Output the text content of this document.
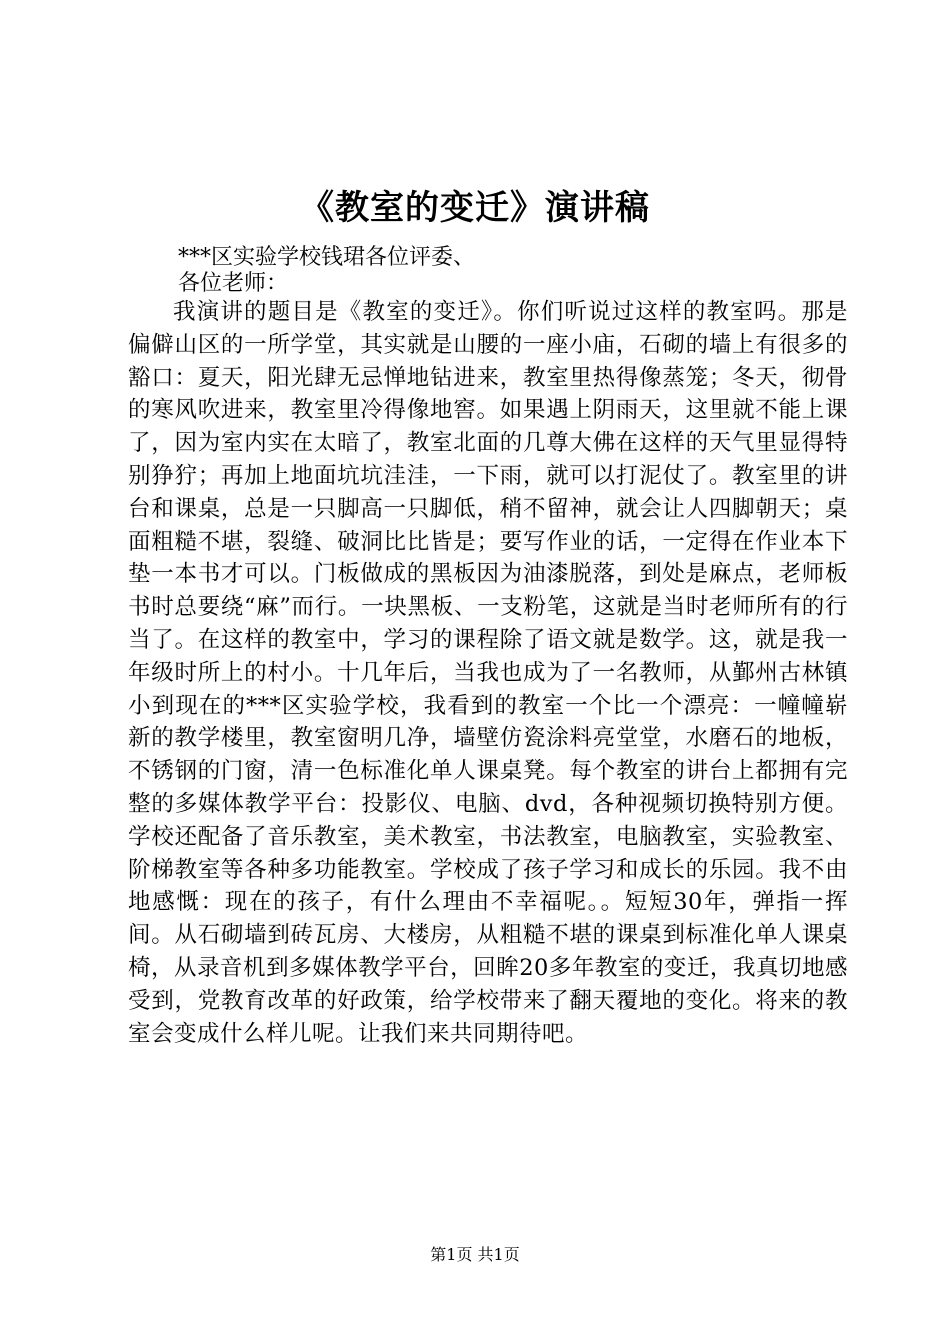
《教室的变迁》演讲稿
***区实验学校钱珺各位评委、
各位老师：

我演讲的题目是《教室的变迁》。你们听说过这样的教室吗。那是偏僻山区的一所学堂，其实就是山腰的一座小庙，石砌的墙上有很多的豁口：夏天，阳光肆无忌惮地钻进来，教室里热得像蒸笼；冬天，彻骨的寒风吹进来，教室里冷得像地窖。如果遇上阴雨天，这里就不能上课了，因为室内实在太暗了，教室北面的几尊大佛在这样的天气里显得特别狰狞；再加上地面坑坑洼洼，一下雨，就可以打泥仗了。教室里的讲台和课桌，总是一只脚高一只脚低，稍不留神，就会让人四脚朝天；桌面粗糙不堪，裂缝、破洞比比皆是；要写作业的话，一定得在作业本下垫一本书才可以。门板做成的黑板因为油漆脱落，到处是麻点，老师板书时总要绕“麻”而行。一块黑板、一支粉笔，这就是当时老师所有的行当了。在这样的教室中，学习的课程除了语文就是数学。这，就是我一年级时所上的村小。十几年后，当我也成为了一名教师，从鄞州古林镇小到现在的***区实验学校，我看到的教室一个比一个漂亮：一幢幢崭新的教学楼里，教室窗明几净，墙壁仿瓷涂料亮堂堂，水磨石的地板，不锈钢的门窗，清一色标准化单人课桌凳。每个教室的讲台上都拥有完整的多媒体教学平台：投影仪、电脑、dvd，各种视频切换特别方便。学校还配备了音乐教室，美术教室，书法教室，电脑教室，实验教室、阶梯教室等各种多功能教室。学校成了孩子学习和成长的乐园。我不由地感慨：现在的孩子，有什么理由不幸福呢。。短短30年，弹指一挥间。从石砌墙到砖瓦房、大楼房，从粗糙不堪的课桌到标准化单人课桌椅，从录音机到多媒体教学平台，回眸20多年教室的变迁，我真切地感受到，党教育改革的好政策，给学校带来了翻天覆地的变化。将来的教室会变成什么样儿呢。让我们来共同期待吧。

第1页 共1页
